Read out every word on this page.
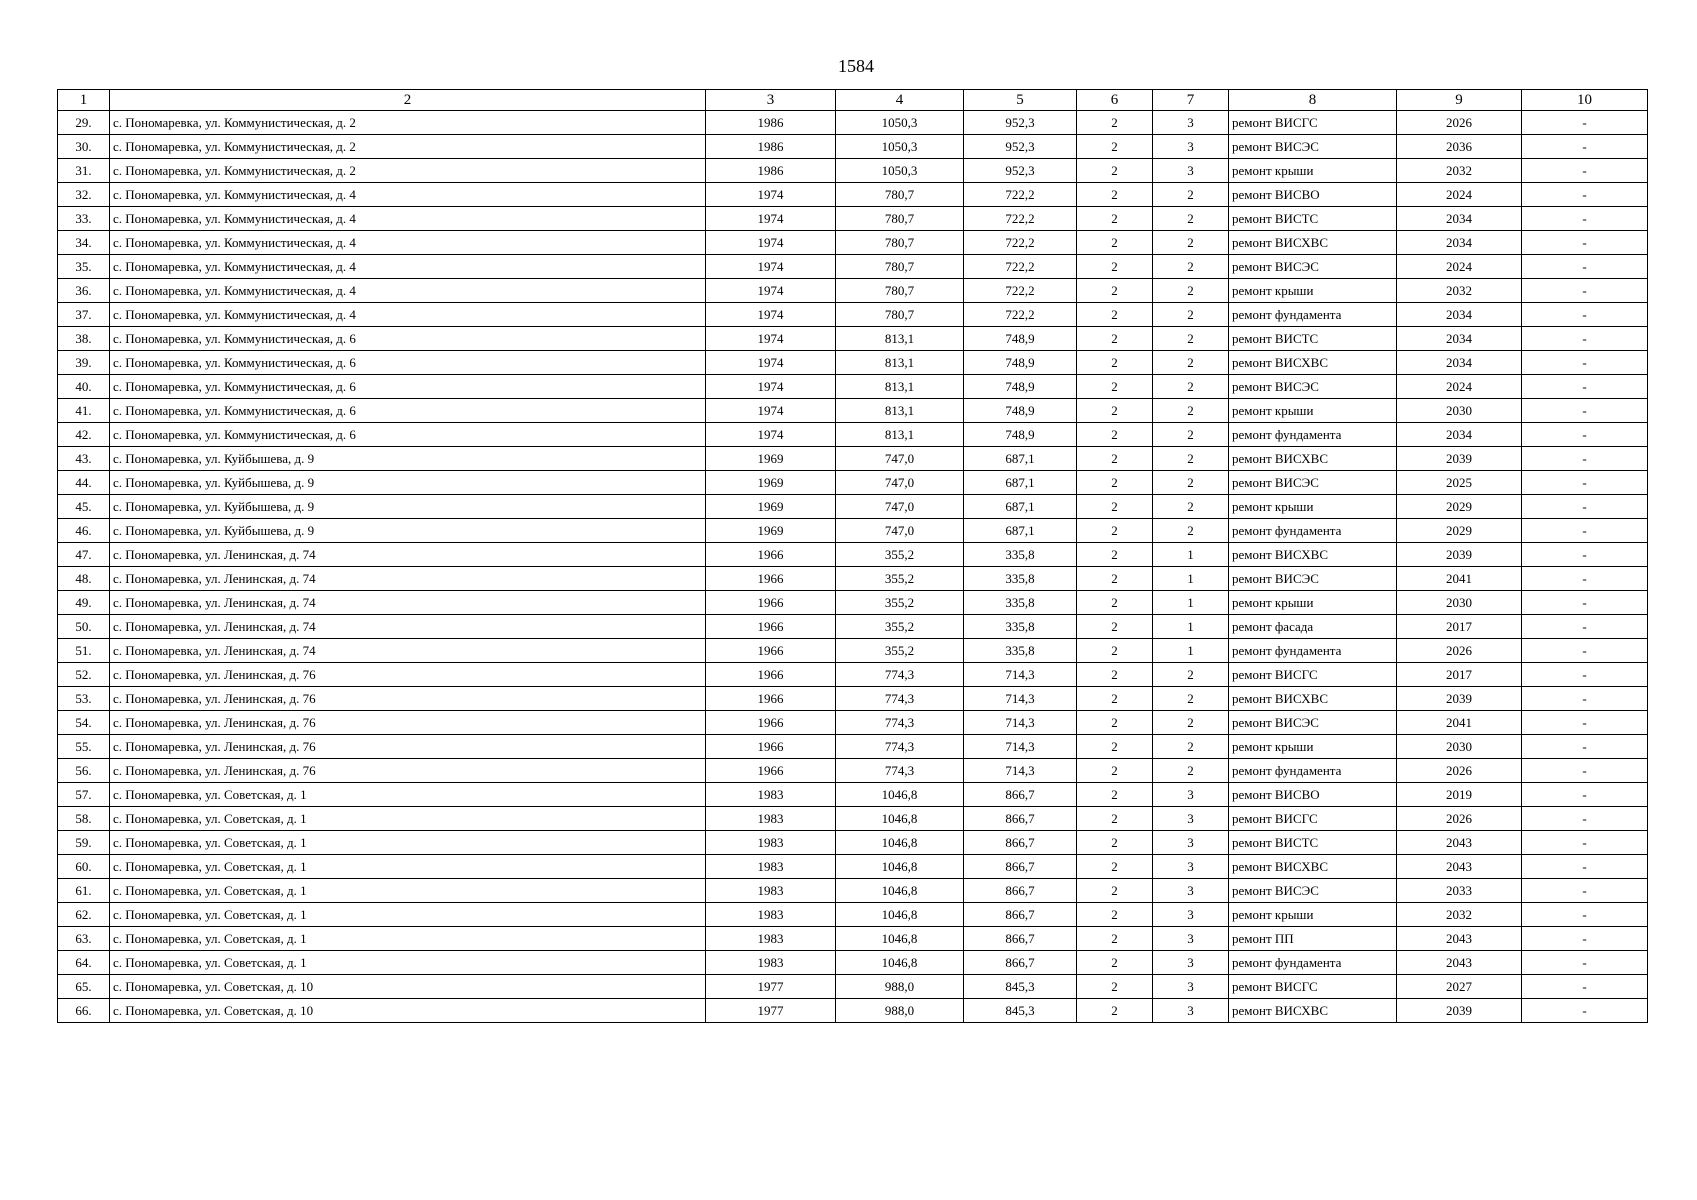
1584
1	2	3	4	5	6	7	8	9	10
29.	с. Пономаревка, ул. Коммунистическая, д. 2	1986	1050,3	952,3	2	3	ремонт ВИСГС	2026	-
30.	с. Пономаревка, ул. Коммунистическая, д. 2	1986	1050,3	952,3	2	3	ремонт ВИСЭС	2036	-
31.	с. Пономаревка, ул. Коммунистическая, д. 2	1986	1050,3	952,3	2	3	ремонт крыши	2032	-
32.	с. Пономаревка, ул. Коммунистическая, д. 4	1974	780,7	722,2	2	2	ремонт ВИСВО	2024	-
33.	с. Пономаревка, ул. Коммунистическая, д. 4	1974	780,7	722,2	2	2	ремонт ВИСТС	2034	-
34.	с. Пономаревка, ул. Коммунистическая, д. 4	1974	780,7	722,2	2	2	ремонт ВИСХВС	2034	-
35.	с. Пономаревка, ул. Коммунистическая, д. 4	1974	780,7	722,2	2	2	ремонт ВИСЭС	2024	-
36.	с. Пономаревка, ул. Коммунистическая, д. 4	1974	780,7	722,2	2	2	ремонт крыши	2032	-
37.	с. Пономаревка, ул. Коммунистическая, д. 4	1974	780,7	722,2	2	2	ремонт фундамента	2034	-
38.	с. Пономаревка, ул. Коммунистическая, д. 6	1974	813,1	748,9	2	2	ремонт ВИСТС	2034	-
39.	с. Пономаревка, ул. Коммунистическая, д. 6	1974	813,1	748,9	2	2	ремонт ВИСХВС	2034	-
40.	с. Пономаревка, ул. Коммунистическая, д. 6	1974	813,1	748,9	2	2	ремонт ВИСЭС	2024	-
41.	с. Пономаревка, ул. Коммунистическая, д. 6	1974	813,1	748,9	2	2	ремонт крыши	2030	-
42.	с. Пономаревка, ул. Коммунистическая, д. 6	1974	813,1	748,9	2	2	ремонт фундамента	2034	-
43.	с. Пономаревка, ул. Куйбышева, д. 9	1969	747,0	687,1	2	2	ремонт ВИСХВС	2039	-
44.	с. Пономаревка, ул. Куйбышева, д. 9	1969	747,0	687,1	2	2	ремонт ВИСЭС	2025	-
45.	с. Пономаревка, ул. Куйбышева, д. 9	1969	747,0	687,1	2	2	ремонт крыши	2029	-
46.	с. Пономаревка, ул. Куйбышева, д. 9	1969	747,0	687,1	2	2	ремонт фундамента	2029	-
47.	с. Пономаревка, ул. Ленинская, д. 74	1966	355,2	335,8	2	1	ремонт ВИСХВС	2039	-
48.	с. Пономаревка, ул. Ленинская, д. 74	1966	355,2	335,8	2	1	ремонт ВИСЭС	2041	-
49.	с. Пономаревка, ул. Ленинская, д. 74	1966	355,2	335,8	2	1	ремонт крыши	2030	-
50.	с. Пономаревка, ул. Ленинская, д. 74	1966	355,2	335,8	2	1	ремонт фасада	2017	-
51.	с. Пономаревка, ул. Ленинская, д. 74	1966	355,2	335,8	2	1	ремонт фундамента	2026	-
52.	с. Пономаревка, ул. Ленинская, д. 76	1966	774,3	714,3	2	2	ремонт ВИСГС	2017	-
53.	с. Пономаревка, ул. Ленинская, д. 76	1966	774,3	714,3	2	2	ремонт ВИСХВС	2039	-
54.	с. Пономаревка, ул. Ленинская, д. 76	1966	774,3	714,3	2	2	ремонт ВИСЭС	2041	-
55.	с. Пономаревка, ул. Ленинская, д. 76	1966	774,3	714,3	2	2	ремонт крыши	2030	-
56.	с. Пономаревка, ул. Ленинская, д. 76	1966	774,3	714,3	2	2	ремонт фундамента	2026	-
57.	с. Пономаревка, ул. Советская, д. 1	1983	1046,8	866,7	2	3	ремонт ВИСВО	2019	-
58.	с. Пономаревка, ул. Советская, д. 1	1983	1046,8	866,7	2	3	ремонт ВИСГС	2026	-
59.	с. Пономаревка, ул. Советская, д. 1	1983	1046,8	866,7	2	3	ремонт ВИСТС	2043	-
60.	с. Пономаревка, ул. Советская, д. 1	1983	1046,8	866,7	2	3	ремонт ВИСХВС	2043	-
61.	с. Пономаревка, ул. Советская, д. 1	1983	1046,8	866,7	2	3	ремонт ВИСЭС	2033	-
62.	с. Пономаревка, ул. Советская, д. 1	1983	1046,8	866,7	2	3	ремонт крыши	2032	-
63.	с. Пономаревка, ул. Советская, д. 1	1983	1046,8	866,7	2	3	ремонт ПП	2043	-
64.	с. Пономаревка, ул. Советская, д. 1	1983	1046,8	866,7	2	3	ремонт фундамента	2043	-
65.	с. Пономаревка, ул. Советская, д. 10	1977	988,0	845,3	2	3	ремонт ВИСГС	2027	-
66.	с. Пономаревка, ул. Советская, д. 10	1977	988,0	845,3	2	3	ремонт ВИСХВС	2039	-
